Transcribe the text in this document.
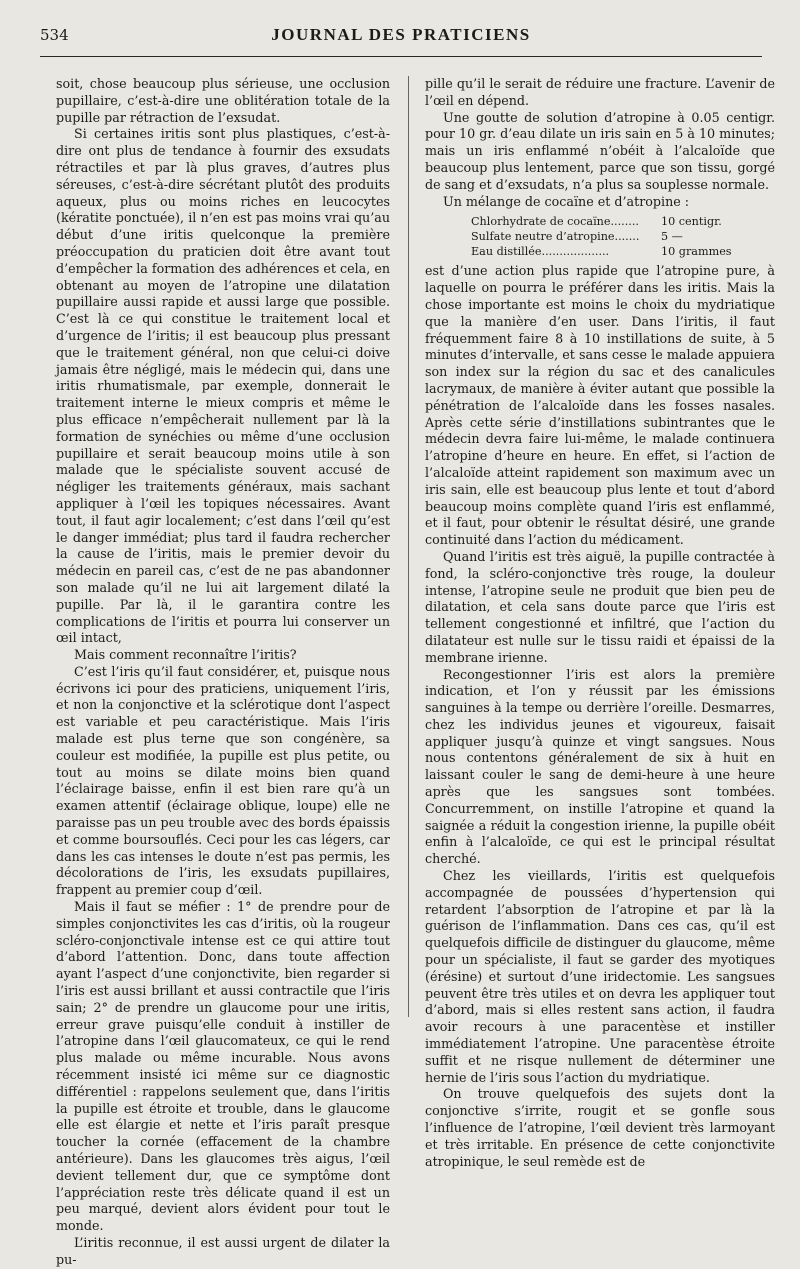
534	JOURNAL DES PRATICIENS

soit, chose beaucoup plus sérieuse, une occlusion pupillaire, c’est-à-dire une oblitération totale de la pupille par rétraction de l’exsudat.

Si certaines iritis sont plus plastiques, c’est-à-dire ont plus de tendance à fournir des exsudats rétractiles et par là plus graves, d’autres plus séreuses, c’est-à-dire sécrétant plutôt des produits aqueux, plus ou moins riches en leucocytes (kératite ponctuée), il n’en est pas moins vrai qu’au début d’une iritis quelconque la première préoccupation du praticien doit être avant tout d’empêcher la formation des adhérences et cela, en obtenant au moyen de l’atropine une dilatation pupillaire aussi rapide et aussi large que possible. C’est là ce qui constitue le traitement local et d’urgence de l’iritis; il est beaucoup plus pressant que le traitement général, non que celui-ci doive jamais être négligé, mais le médecin qui, dans une iritis rhumatismale, par exemple, donnerait le traitement interne le mieux compris et même le plus efficace n’empêcherait nullement par là la formation de synéchies ou même d’une occlusion pupillaire et serait beaucoup moins utile à son malade que le spécialiste souvent accusé de négliger les traitements généraux, mais sachant appliquer à l’œil les topiques nécessaires. Avant tout, il faut agir localement; c’est dans l’œil qu’est le danger immédiat; plus tard il faudra rechercher la cause de l’iritis, mais le premier devoir du médecin en pareil cas, c’est de ne pas abandonner son malade qu’il ne lui ait largement dilaté la pupille. Par là, il le garantira contre les complications de l’iritis et pourra lui conserver un œil intact,

Mais comment reconnaître l’iritis?

C’est l’iris qu’il faut considérer, et, puisque nous écrivons ici pour des praticiens, uniquement l’iris, et non la conjonctive et la sclérotique dont l’aspect est variable et peu caractéristique. Mais l’iris malade est plus terne que son congénère, sa couleur est modifiée, la pupille est plus petite, ou tout au moins se dilate moins bien quand l’éclairage baisse, enfin il est bien rare qu’à un examen attentif (éclairage oblique, loupe) elle ne paraisse pas un peu trouble avec des bords épaissis et comme boursouflés. Ceci pour les cas légers, car dans les cas intenses le doute n’est pas permis, les décolorations de l’iris, les exsudats pupillaires, frappent au premier coup d’œil.

Mais il faut se méfier : 1° de prendre pour de simples conjonctivites les cas d’iritis, où la rougeur scléro-conjonctivale intense est ce qui attire tout d’abord l’attention. Donc, dans toute affection ayant l’aspect d’une conjonctivite, bien regarder si l’iris est aussi brillant et aussi contractile que l’iris sain; 2° de prendre un glaucome pour une iritis, erreur grave puisqu’elle conduit à instiller de l’atropine dans l’œil glaucomateux, ce qui le rend plus malade ou même incurable. Nous avons récemment insisté ici même sur ce diagnostic différentiel : rappelons seulement que, dans l’iritis la pupille est étroite et trouble, dans le glaucome elle est élargie et nette et l’iris paraît presque toucher la cornée (effacement de la chambre antérieure). Dans les glaucomes très aigus, l’œil devient tellement dur, que ce symptôme dont l’appréciation reste très délicate quand il est un peu marqué, devient alors évident pour tout le monde.

L’iritis reconnue, il est aussi urgent de dilater la pu-

pille qu’il le serait de réduire une fracture. L’avenir de l’œil en dépend.

Une goutte de solution d’atropine à 0.05 centigr. pour 10 gr. d’eau dilate un iris sain en 5 à 10 minutes; mais un iris enflammé n’obéit à l’alcaloïde que beaucoup plus lentement, parce que son tissu, gorgé de sang et d’exsudats, n’a plus sa souplesse normale.

Un mélange de cocaïne et d’atropine :

Chlorhydrate de cocaïne........	10 centigr.
Sulfate neutre d’atropine.......	5 —
Eau distillée...................	10 grammes

est d’une action plus rapide que l’atropine pure, à laquelle on pourra le préférer dans les iritis. Mais la chose importante est moins le choix du mydriatique que la manière d’en user. Dans l’iritis, il faut fréquemment faire 8 à 10 instillations de suite, à 5 minutes d’intervalle, et sans cesse le malade appuiera son index sur la région du sac et des canalicules lacrymaux, de manière à éviter autant que possible la pénétration de l’alcaloïde dans les fosses nasales. Après cette série d’instillations subintrantes que le médecin devra faire lui-même, le malade continuera l’atropine d’heure en heure. En effet, si l’action de l’alcaloïde atteint rapidement son maximum avec un iris sain, elle est beaucoup plus lente et tout d’abord beaucoup moins complète quand l’iris est enflammé, et il faut, pour obtenir le résultat désiré, une grande continuité dans l’action du médicament.

Quand l’iritis est très aiguë, la pupille contractée à fond, la scléro-conjonctive très rouge, la douleur intense, l’atropine seule ne produit que bien peu de dilatation, et cela sans doute parce que l’iris est tellement congestionné et infiltré, que l’action du dilatateur est nulle sur le tissu raidi et épaissi de la membrane irienne.

Recongestionner l’iris est alors la première indication, et l’on y réussit par les émissions sanguines à la tempe ou derrière l’oreille. Desmarres, chez les individus jeunes et vigoureux, faisait appliquer jusqu’à quinze et vingt sangsues. Nous nous contentons généralement de six à huit en laissant couler le sang de demi-heure à une heure après que les sangsues sont tombées. Concurremment, on instille l’atropine et quand la saignée a réduit la congestion irienne, la pupille obéit enfin à l’alcaloïde, ce qui est le principal résultat cherché.

Chez les vieillards, l’iritis est quelquefois accompagnée de poussées d’hypertension qui retardent l’absorption de l’atropine et par là la guérison de l’inflammation. Dans ces cas, qu’il est quelquefois difficile de distinguer du glaucome, même pour un spécialiste, il faut se garder des myotiques (érésine) et surtout d’une iridectomie. Les sangsues peuvent être très utiles et on devra les appliquer tout d’abord, mais si elles restent sans action, il faudra avoir recours à une paracentèse et instiller immédiatement l’atropine. Une paracentèse étroite suffit et ne risque nullement de déterminer une hernie de l’iris sous l’action du mydriatique.

On trouve quelquefois des sujets dont la conjonctive s’irrite, rougit et se gonfle sous l’influence de l’atropine, l’œil devient très larmoyant et très irritable. En présence de cette conjonctivite atropinique, le seul remède est de
